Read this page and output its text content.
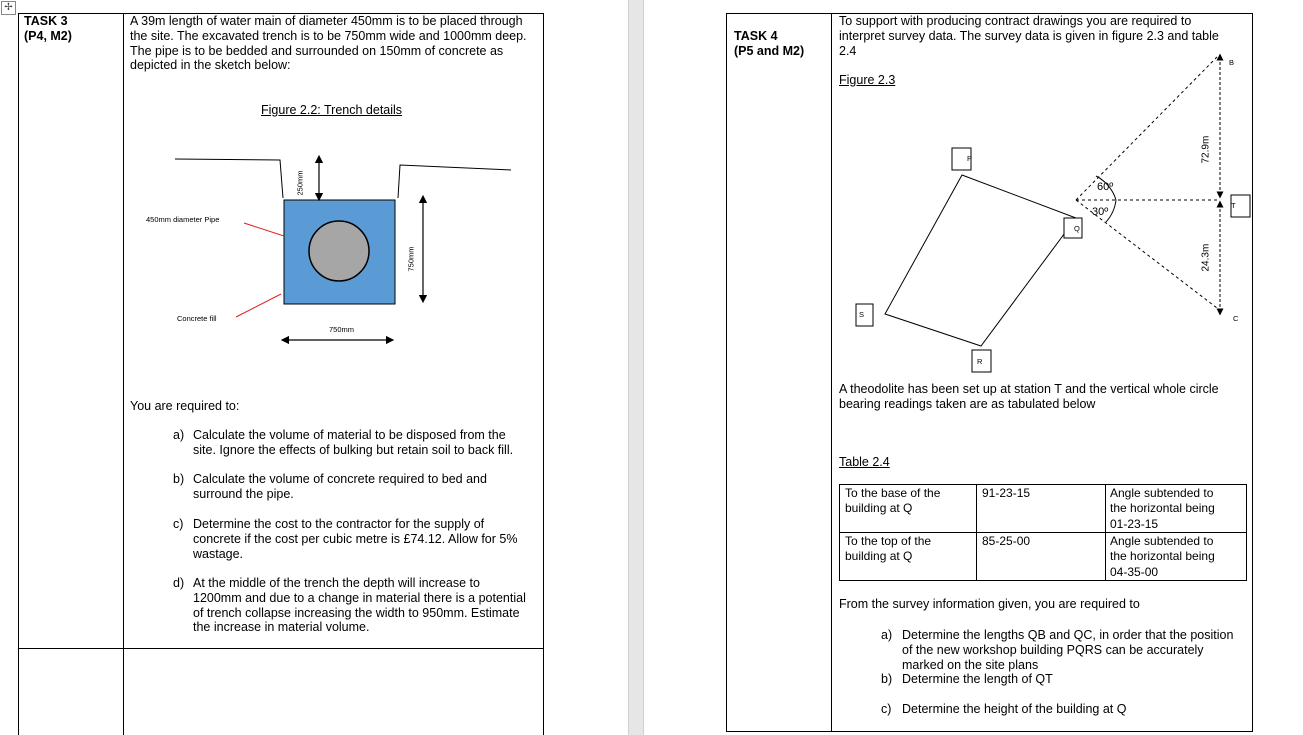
✢
TASK 3
(P4, M2)
A 39m length of water main of diameter 450mm is to be placed through
the site. The excavated trench is to be 750mm wide and 1000mm deep.
The pipe is to be bedded and surrounded on 150mm of concrete as
depicted in the sketch below:
Figure 2.2: Trench details
450mm diameter Pipe
Concrete fill
250mm
750mm
750mm
You are required to:
a) Calculate the volume of material to be disposed from the
site. Ignore the effects of bulking but retain soil to back fill.
b) Calculate the volume of concrete required to bed and
surround the pipe.
c) Determine the cost to the contractor for the supply of
concrete if the cost per cubic metre is £74.12. Allow for 5%
wastage.
d) At the middle of the trench the depth will increase to
1200mm and due to a change in material there is a potential
of trench collapse increasing the width to 950mm. Estimate
the increase in material volume.
TASK 4
(P5 and M2)
To support with producing contract drawings you are required to
interpret survey data. The survey data is given in figure 2.3 and table
2.4
Figure 2.3
P
Q
S
R
T
B
C
60º
30º
72.9m
24.3m
A theodolite has been set up at station T and the vertical whole circle
bearing readings taken are as tabulated below
Table 2.4
To the base of the
building at Q
91-23-15	Angle subtended to
the horizontal being
01-23-15
To the top of the
building at Q
85-25-00	Angle subtended to
the horizontal being
04-35-00
From the survey information given, you are required to
a) Determine the lengths QB and QC, in order that the position
of the new workshop building PQRS can be accurately
marked on the site plans
b) Determine the length of QT
c) Determine the height of the building at Q
